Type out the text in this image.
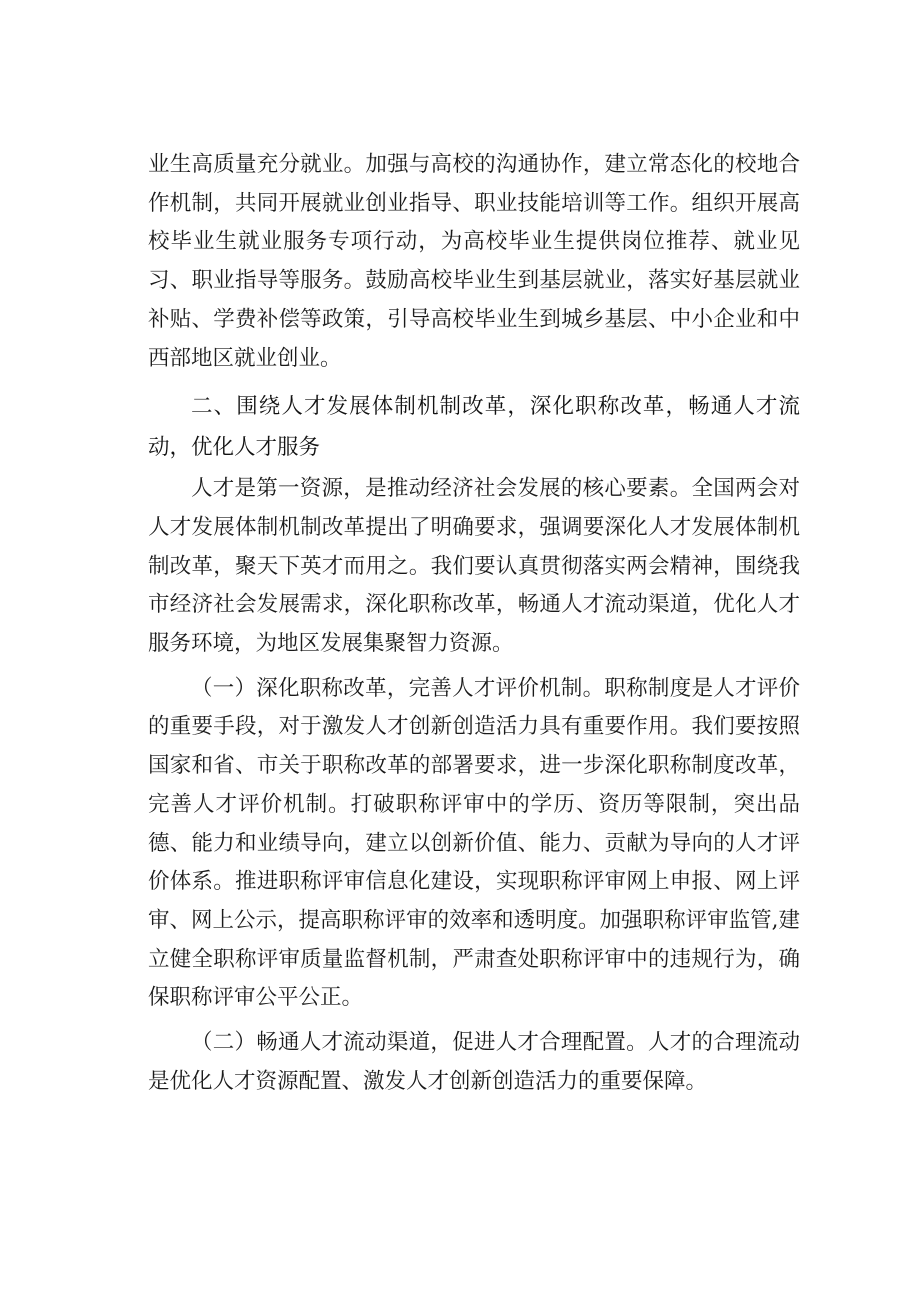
业生高质量充分就业。加强与高校的沟通协作，建立常态化的校地合作机制，共同开展就业创业指导、职业技能培训等工作。组织开展高校毕业生就业服务专项行动，为高校毕业生提供岗位推荐、就业见习、职业指导等服务。鼓励高校毕业生到基层就业，落实好基层就业补贴、学费补偿等政策，引导高校毕业生到城乡基层、中小企业和中西部地区就业创业。

二、围绕人才发展体制机制改革，深化职称改革，畅通人才流动，优化人才服务

人才是第一资源，是推动经济社会发展的核心要素。全国两会对人才发展体制机制改革提出了明确要求，强调要深化人才发展体制机制改革，聚天下英才而用之。我们要认真贯彻落实两会精神，围绕我市经济社会发展需求，深化职称改革，畅通人才流动渠道，优化人才服务环境，为地区发展集聚智力资源。

（一）深化职称改革，完善人才评价机制。职称制度是人才评价的重要手段，对于激发人才创新创造活力具有重要作用。我们要按照国家和省、市关于职称改革的部署要求，进一步深化职称制度改革，完善人才评价机制。打破职称评审中的学历、资历等限制，突出品德、能力和业绩导向，建立以创新价值、能力、贡献为导向的人才评价体系。推进职称评审信息化建设，实现职称评审网上申报、网上评审、网上公示，提高职称评审的效率和透明度。加强职称评审监管,建立健全职称评审质量监督机制，严肃查处职称评审中的违规行为，确保职称评审公平公正。

（二）畅通人才流动渠道，促进人才合理配置。人才的合理流动是优化人才资源配置、激发人才创新创造活力的重要保障。
